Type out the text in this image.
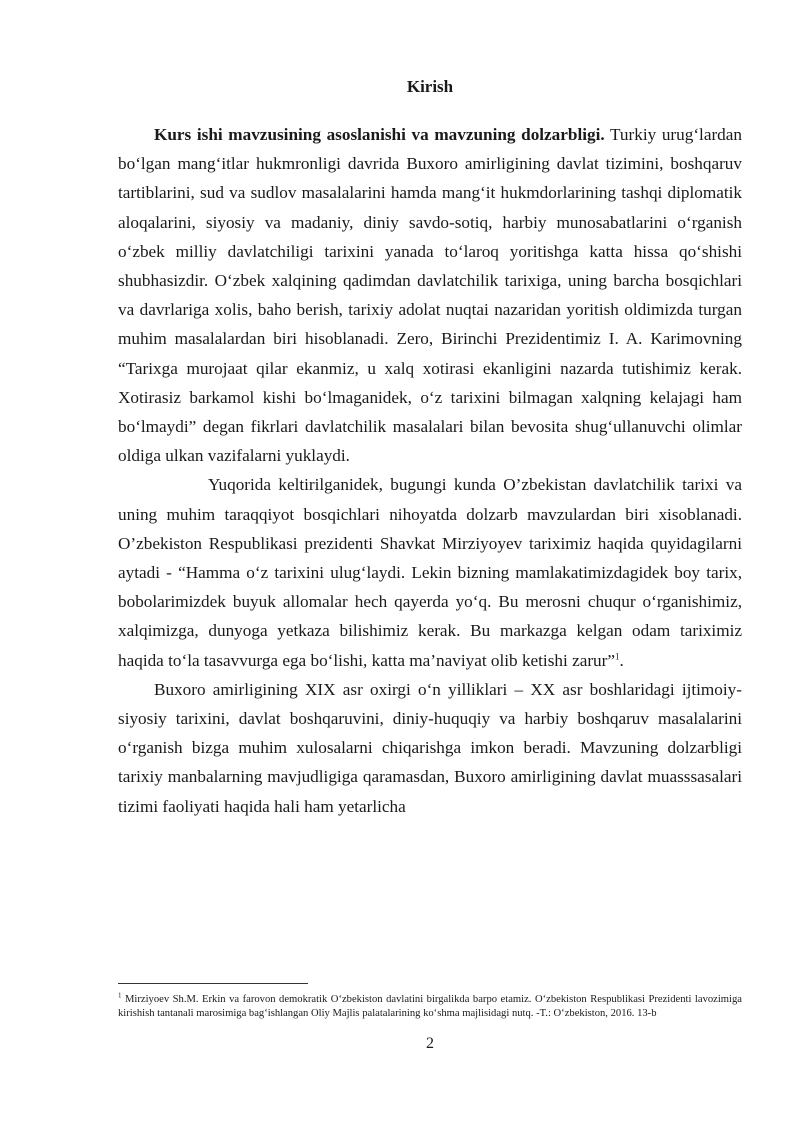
Kirish

Kurs ishi mavzusining asoslanishi va mavzuning dolzarbligi. Turkiy urug‘lardan bo‘lgan mang‘itlar hukmronligi davrida Buxoro amirligining davlat tizimini, boshqaruv tartiblarini, sud va sudlov masalalarini hamda mang‘it hukmdorlarining tashqi diplomatik aloqalarini, siyosiy va madaniy, diniy savdo-sotiq, harbiy munosabatlarini o‘rganish o‘zbek milliy davlatchiligi tarixini yanada to‘laroq yoritishga katta hissa qo‘shishi shubhasizdir. O‘zbek xalqining qadimdan davlatchilik tarixiga, uning barcha bosqichlari va davrlariga xolis, baho berish, tarixiy adolat nuqtai nazaridan yoritish oldimizda turgan muhim masalalardan biri hisoblanadi. Zero, Birinchi Prezidentimiz I. A. Karimovning “Tarixga murojaat qilar ekanmiz, u xalq xotirasi ekanligini nazarda tutishimiz kerak. Xotirasiz barkamol kishi bo‘lmaganidek, o‘z tarixini bilmagan xalqning kelajagi ham bo‘lmaydi” degan fikrlari davlatchilik masalalari bilan bevosita shug‘ullanuvchi olimlar oldiga ulkan vazifalarni yuklaydi.

Yuqorida keltirilganidek, bugungi kunda O’zbekistan davlatchilik tarixi va uning muhim taraqqiyot bosqichlari nihoyatda dolzarb mavzulardan biri xisoblanadi. O’zbekiston Respublikasi prezidenti Shavkat Mirziyoyev tariximiz haqida quyidagilarni aytadi - “Hamma o‘z tarixini ulug‘laydi. Lekin bizning mamlakatimizdagidek boy tarix, bobolarimizdek buyuk allomalar hech qayerda yo‘q. Bu merosni chuqur o‘rganishimiz, xalqimizga, dunyoga yetkaza bilishimiz kerak. Bu markazga kelgan odam tariximiz haqida to‘la tasavvurga ega bo‘lishi, katta ma’naviyat olib ketishi zarur”$^1$.

Buxoro amirligining XIX asr oxirgi o‘n yilliklari – XX asr boshlaridagi ijtimoiy-siyosiy tarixini, davlat boshqaruvini, diniy-huquqiy va harbiy boshqaruv masalalarini o‘rganish bizga muhim xulosalarni chiqarishga imkon beradi. Mavzuning dolzarbligi tarixiy manbalarning mavjudligiga qaramasdan, Buxoro amirligining davlat muasssasalari tizimi faoliyati haqida hali ham yetarlicha

$^1$ Mirziyoev Sh.M. Erkin va farovon demokratik O‘zbekiston davlatini birgalikda barpo etamiz. O‘zbekiston Respublikasi Prezidenti lavozimiga kirishish tantanali marosimiga bag‘ishlangan Oliy Majlis palatalarining ko‘shma majlisidagi nutq. -T.: O‘zbekiston, 2016. 13-b

2
